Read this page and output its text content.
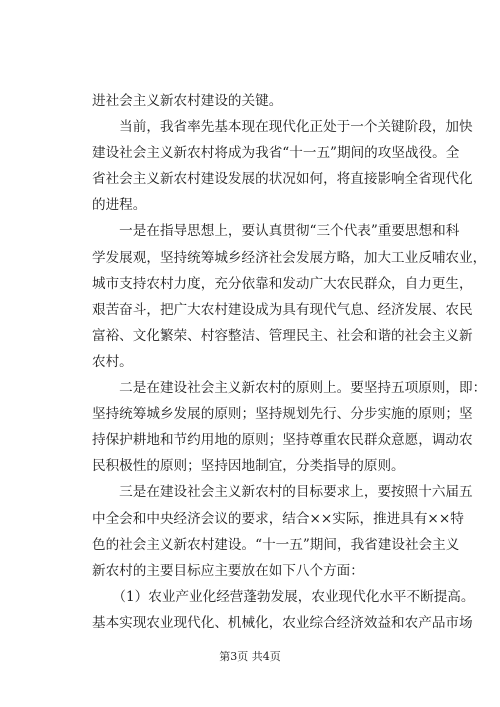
进社会主义新农村建设的关键。
　　当前，我省率先基本现在现代化正处于一个关键阶段，加快
建设社会主义新农村将成为我省“十一五”期间的攻坚战役。全
省社会主义新农村建设发展的状况如何，将直接影响全省现代化
的进程。
　　一是在指导思想上，要认真贯彻“三个代表”重要思想和科
学发展观，坚持统筹城乡经济社会发展方略，加大工业反哺农业，
城市支持农村力度，充分依靠和发动广大农民群众，自力更生，
艰苦奋斗，把广大农村建设成为具有现代气息、经济发展、农民
富裕、文化繁荣、村容整洁、管理民主、社会和谐的社会主义新
农村。
　　二是在建设社会主义新农村的原则上。要坚持五项原则，即：
坚持统筹城乡发展的原则；坚持规划先行、分步实施的原则；坚
持保护耕地和节约用地的原则；坚持尊重农民群众意愿，调动农
民积极性的原则；坚持因地制宜，分类指导的原则。
　　三是在建设社会主义新农村的目标要求上，要按照十六届五
中全会和中央经济会议的要求，结合××实际，推进具有××特
色的社会主义新农村建设。“十一五”期间，我省建设社会主义
新农村的主要目标应主要放在如下八个方面：
　　（1）农业产业化经营蓬勃发展，农业现代化水平不断提高。
基本实现农业现代化、机械化，农业综合经济效益和农产品市场
第3页 共4页
